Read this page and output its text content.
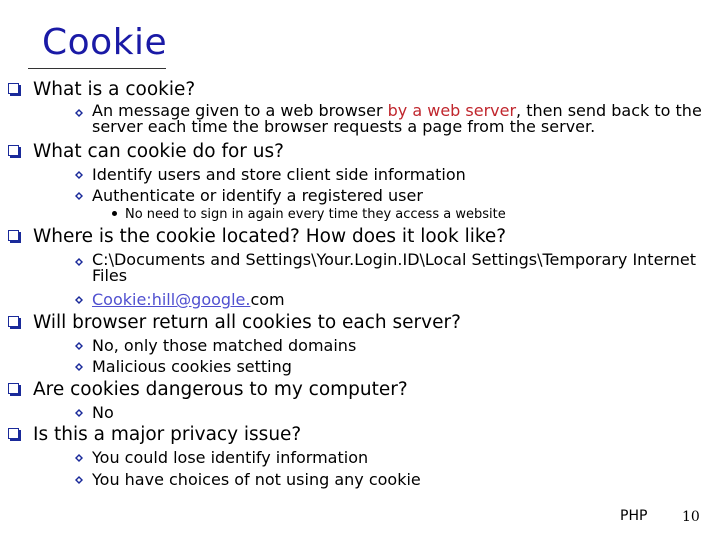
Cookie
What is a cookie?
An message given to a web browser by a web server, then send back to the server each time the browser requests a page from the server.
What can cookie do for us?
Identify users and store client side information
Authenticate or identify a registered user
No need to sign in again every time they access a website
Where is the cookie located? How does it look like?
C:\Documents and Settings\Your.Login.ID\Local Settings\Temporary Internet Files
Cookie:hill@google.com
Will browser return all cookies to each server?
No, only those matched domains
Malicious cookies setting
Are cookies dangerous to my computer?
No
Is this a major privacy issue?
You could lose identify information
You have choices of not using any cookie
PHP 10
